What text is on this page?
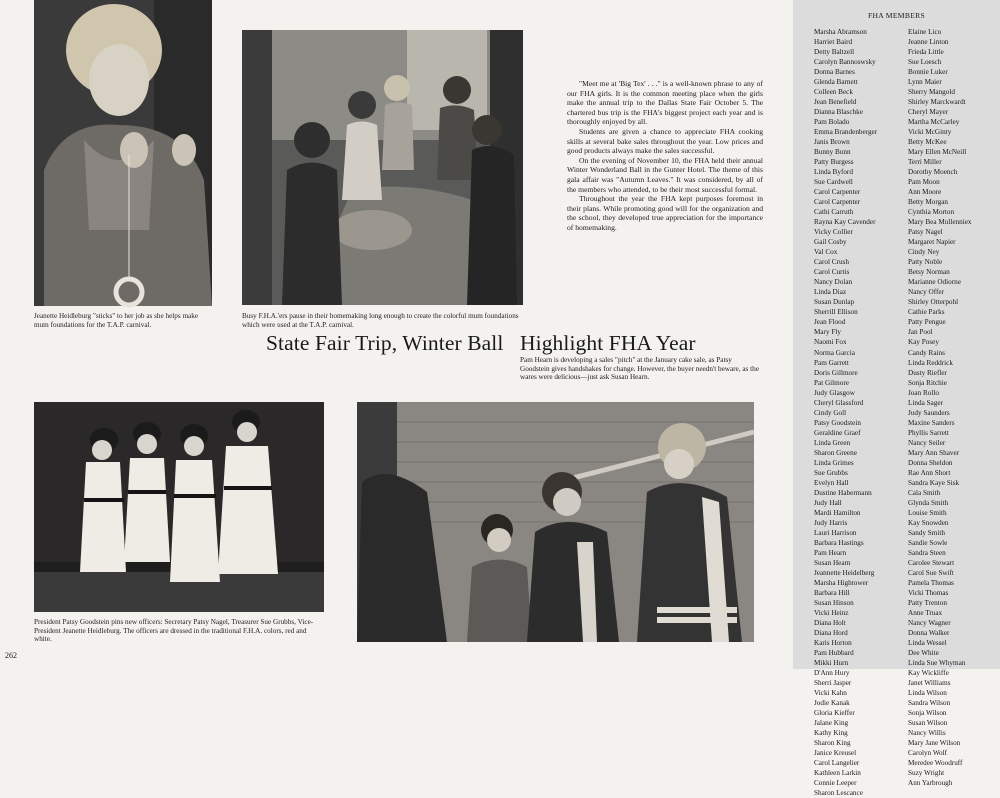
Jeanette Heidleburg "sticks" to her job as she helps make mum foundations for the T.A.P. carnival.
Busy F.H.A.'ers pause in their homemaking long enough to create the colorful mum foundations which were used at the T.A.P. carnival.

"Meet me at 'Big Tex' . . ." is a well-known phrase to any of our FHA girls. It is the common meeting place when the girls make the annual trip to the Dallas State Fair October 5. The chartered bus trip is the FHA's biggest project each year and is thoroughly enjoyed by all.

Students are given a chance to appreciate FHA cooking skills at several bake sales throughout the year. Low prices and good products always make the sales successful.

On the evening of November 10, the FHA held their annual Winter Wonderland Ball in the Gunter Hotel. The theme of this gala affair was "Autumn Leaves." It was considered, by all of the members who attended, to be their most successful formal.

Throughout the year the FHA kept purposes foremost in their plans. While promoting good will for the organization and the school, they developed true appreciation for the importance of homemaking.

State Fair Trip, Winter Ball Highlight FHA Year
Pam Hearn is developing a sales "pitch" at the January cake sale, as Patsy Goodstein gives handshakes for change. However, the buyer needn't beware, as the wares were delicious—just ask Susan Hearn.
President Patsy Goodstein pins new officers: Secretary Patsy Nagel, Treasurer Sue Grubbs, Vice-President Jeanette Heidleburg. The officers are dressed in the traditional F.H.A. colors, red and white.
262
FHA MEMBERS
Marsha Abramson
Harriet Baird
Detty Baltzell
Carolyn Bannoswsky
Donna Barnes
Glenda Barnett
Colleen Beck
Jean Benefield
Dianna Blaschke
Pam Bolado
Emma Brandenberger
Janis Brown
Bunny Bunn
Patty Burgess
Linda Byford
Sue Cardwell
Carol Carpenter
Carol Carpenter
Cathi Carruth
Rayna Kay Cavender
Vicky Collier
Gail Cosby
Val Cox
Carol Crush
Carol Curtis
Nancy Dolan
Linda Diaz
Susan Dunlap
Sherrill Ellison
Jean Flood
Mary Fly
Naomi Fox
Norma Garcia
Pam Garrett
Doris Gillmore
Pat Gilmore
Judy Glasgow
Cheryl Glassford
Cindy Goll
Patsy Goodstein
Geraldine Graef
Linda Green
Sharon Greene
Linda Grimes
Sue Grubbs
Evelyn Hall
Dustine Habermann
Judy Hall
Mardi Hamilton
Judy Harris
Lauri Harrison
Barbara Hastings
Pam Hearn
Susan Hearn
Jeannette Heidelberg
Marsha Hightower
Barbara Hill
Susan Hinson
Vicki Heinz
Diana Holt
Diana Hord
Karis Horton
Pam Hubbard
Mikki Hurn
D'Ann Hury
Sherri Jasper
Vicki Kahn
Jodie Kanak
Gloria Kieffer
Jalane King
Kathy King
Sharon King
Janice Kreusel
Carol Langelier
Kathleen Larkin
Connie Leeper
Sharon Lescance
Elaine Lico
Jeanne Linton
Frieda Little
Sue Loesch
Bonnie Luker
Lynn Maier
Sherry Mangold
Shirley Marckwardt
Cheryl Mayer
Martha McCarley
Vicki McGinty
Betty McKee
Mary Ellen McNeill
Terri Miller
Dorothy Moench
Pam Moon
Ann Moore
Betty Morgan
Cynthia Morton
Mary Bea Mullenniex
Patsy Nagel
Margaret Napier
Cindy Ney
Patty Noble
Betsy Norman
Marianne Odiorne
Nancy Offer
Shirley Otterpohl
Cathie Parks
Patty Pengue
Jan Pool
Kay Posey
Candy Rains
Linda Reddrick
Dusty Riefler
Sonja Ritchie
Joan Rollo
Linda Sager
Judy Saunders
Maxine Sanders
Phyllis Sarrett
Nancy Seiler
Mary Ann Shaver
Donna Sheldon
Rae Ann Short
Sandra Kaye Sisk
Cala Smith
Glynda Smith
Louise Smith
Kay Snowden
Sandy Smith
Sandie Sowle
Sandra Steen
Carolee Stewart
Carol Sue Swift
Pamela Thomas
Vicki Thomas
Patty Trenton
Anne Truax
Nancy Wagner
Donna Walker
Linda Wessel
Dee White
Linda Sue Whyman
Kay Wickliffe
Janet Williams
Linda Wilson
Sandra Wilson
Sonja Wilson
Susan Wilson
Nancy Willis
Mary Jane Wilson
Carolyn Wolf
Meredee Woodruff
Suzy Wright
Ann Yarbrough
